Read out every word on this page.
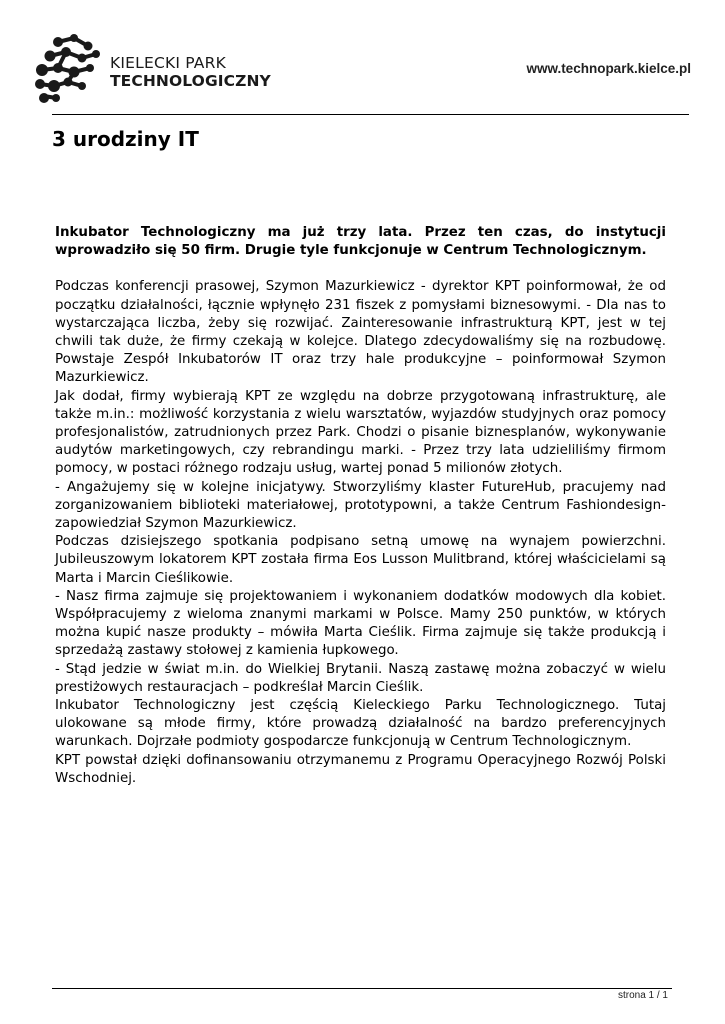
KIELECKI PARK
TECHNOLOGICZNY
www.technopark.kielce.pl
3 urodziny IT

Inkubator Technologiczny ma już trzy lata. Przez ten czas, do instytucji wprowadziło się 50 firm. Drugie tyle funkcjonuje w Centrum Technologicznym.

Podczas konferencji prasowej, Szymon Mazurkiewicz - dyrektor KPT poinformował, że od początku działalności, łącznie wpłynęło 231 fiszek z pomysłami biznesowymi. - Dla nas to wystarczająca liczba, żeby się rozwijać. Zainteresowanie infrastrukturą KPT, jest w tej chwili tak duże, że firmy czekają w kolejce. Dlatego zdecydowaliśmy się na rozbudowę. Powstaje Zespół Inkubatorów IT oraz trzy hale produkcyjne – poinformował Szymon Mazurkiewicz.

Jak dodał, firmy wybierają KPT ze względu na dobrze przygotowaną infrastrukturę, ale także m.in.: możliwość korzystania z wielu warsztatów, wyjazdów studyjnych oraz pomocy profesjonalistów, zatrudnionych przez Park. Chodzi o pisanie biznesplanów, wykonywanie audytów marketingowych, czy rebrandingu marki. - Przez trzy lata udzieliliśmy firmom pomocy, w postaci różnego rodzaju usług, wartej ponad 5 milionów złotych.

- Angażujemy się w kolejne inicjatywy. Stworzyliśmy klaster FutureHub, pracujemy nad zorganizowaniem biblioteki materiałowej, prototypowni, a także Centrum Fashiondesign- zapowiedział Szymon Mazurkiewicz.

Podczas dzisiejszego spotkania podpisano setną umowę na wynajem powierzchni. Jubileuszowym lokatorem KPT została firma Eos Lusson Mulitbrand, której właścicielami są Marta i Marcin Cieślikowie.

- Nasz firma zajmuje się projektowaniem i wykonaniem dodatków modowych dla kobiet. Współpracujemy z wieloma znanymi markami w Polsce. Mamy 250 punktów, w których można kupić nasze produkty – mówiła Marta Cieślik. Firma zajmuje się także produkcją i sprzedażą zastawy stołowej z kamienia łupkowego.

- Stąd jedzie w świat m.in. do Wielkiej Brytanii. Naszą zastawę można zobaczyć w wielu prestiżowych restauracjach – podkreślał Marcin Cieślik.

Inkubator Technologiczny jest częścią Kieleckiego Parku Technologicznego. Tutaj ulokowane są młode firmy, które prowadzą działalność na bardzo preferencyjnych warunkach. Dojrzałe podmioty gospodarcze funkcjonują w Centrum Technologicznym.

KPT powstał dzięki dofinansowaniu otrzymanemu z Programu Operacyjnego Rozwój Polski Wschodniej.

strona 1 / 1
